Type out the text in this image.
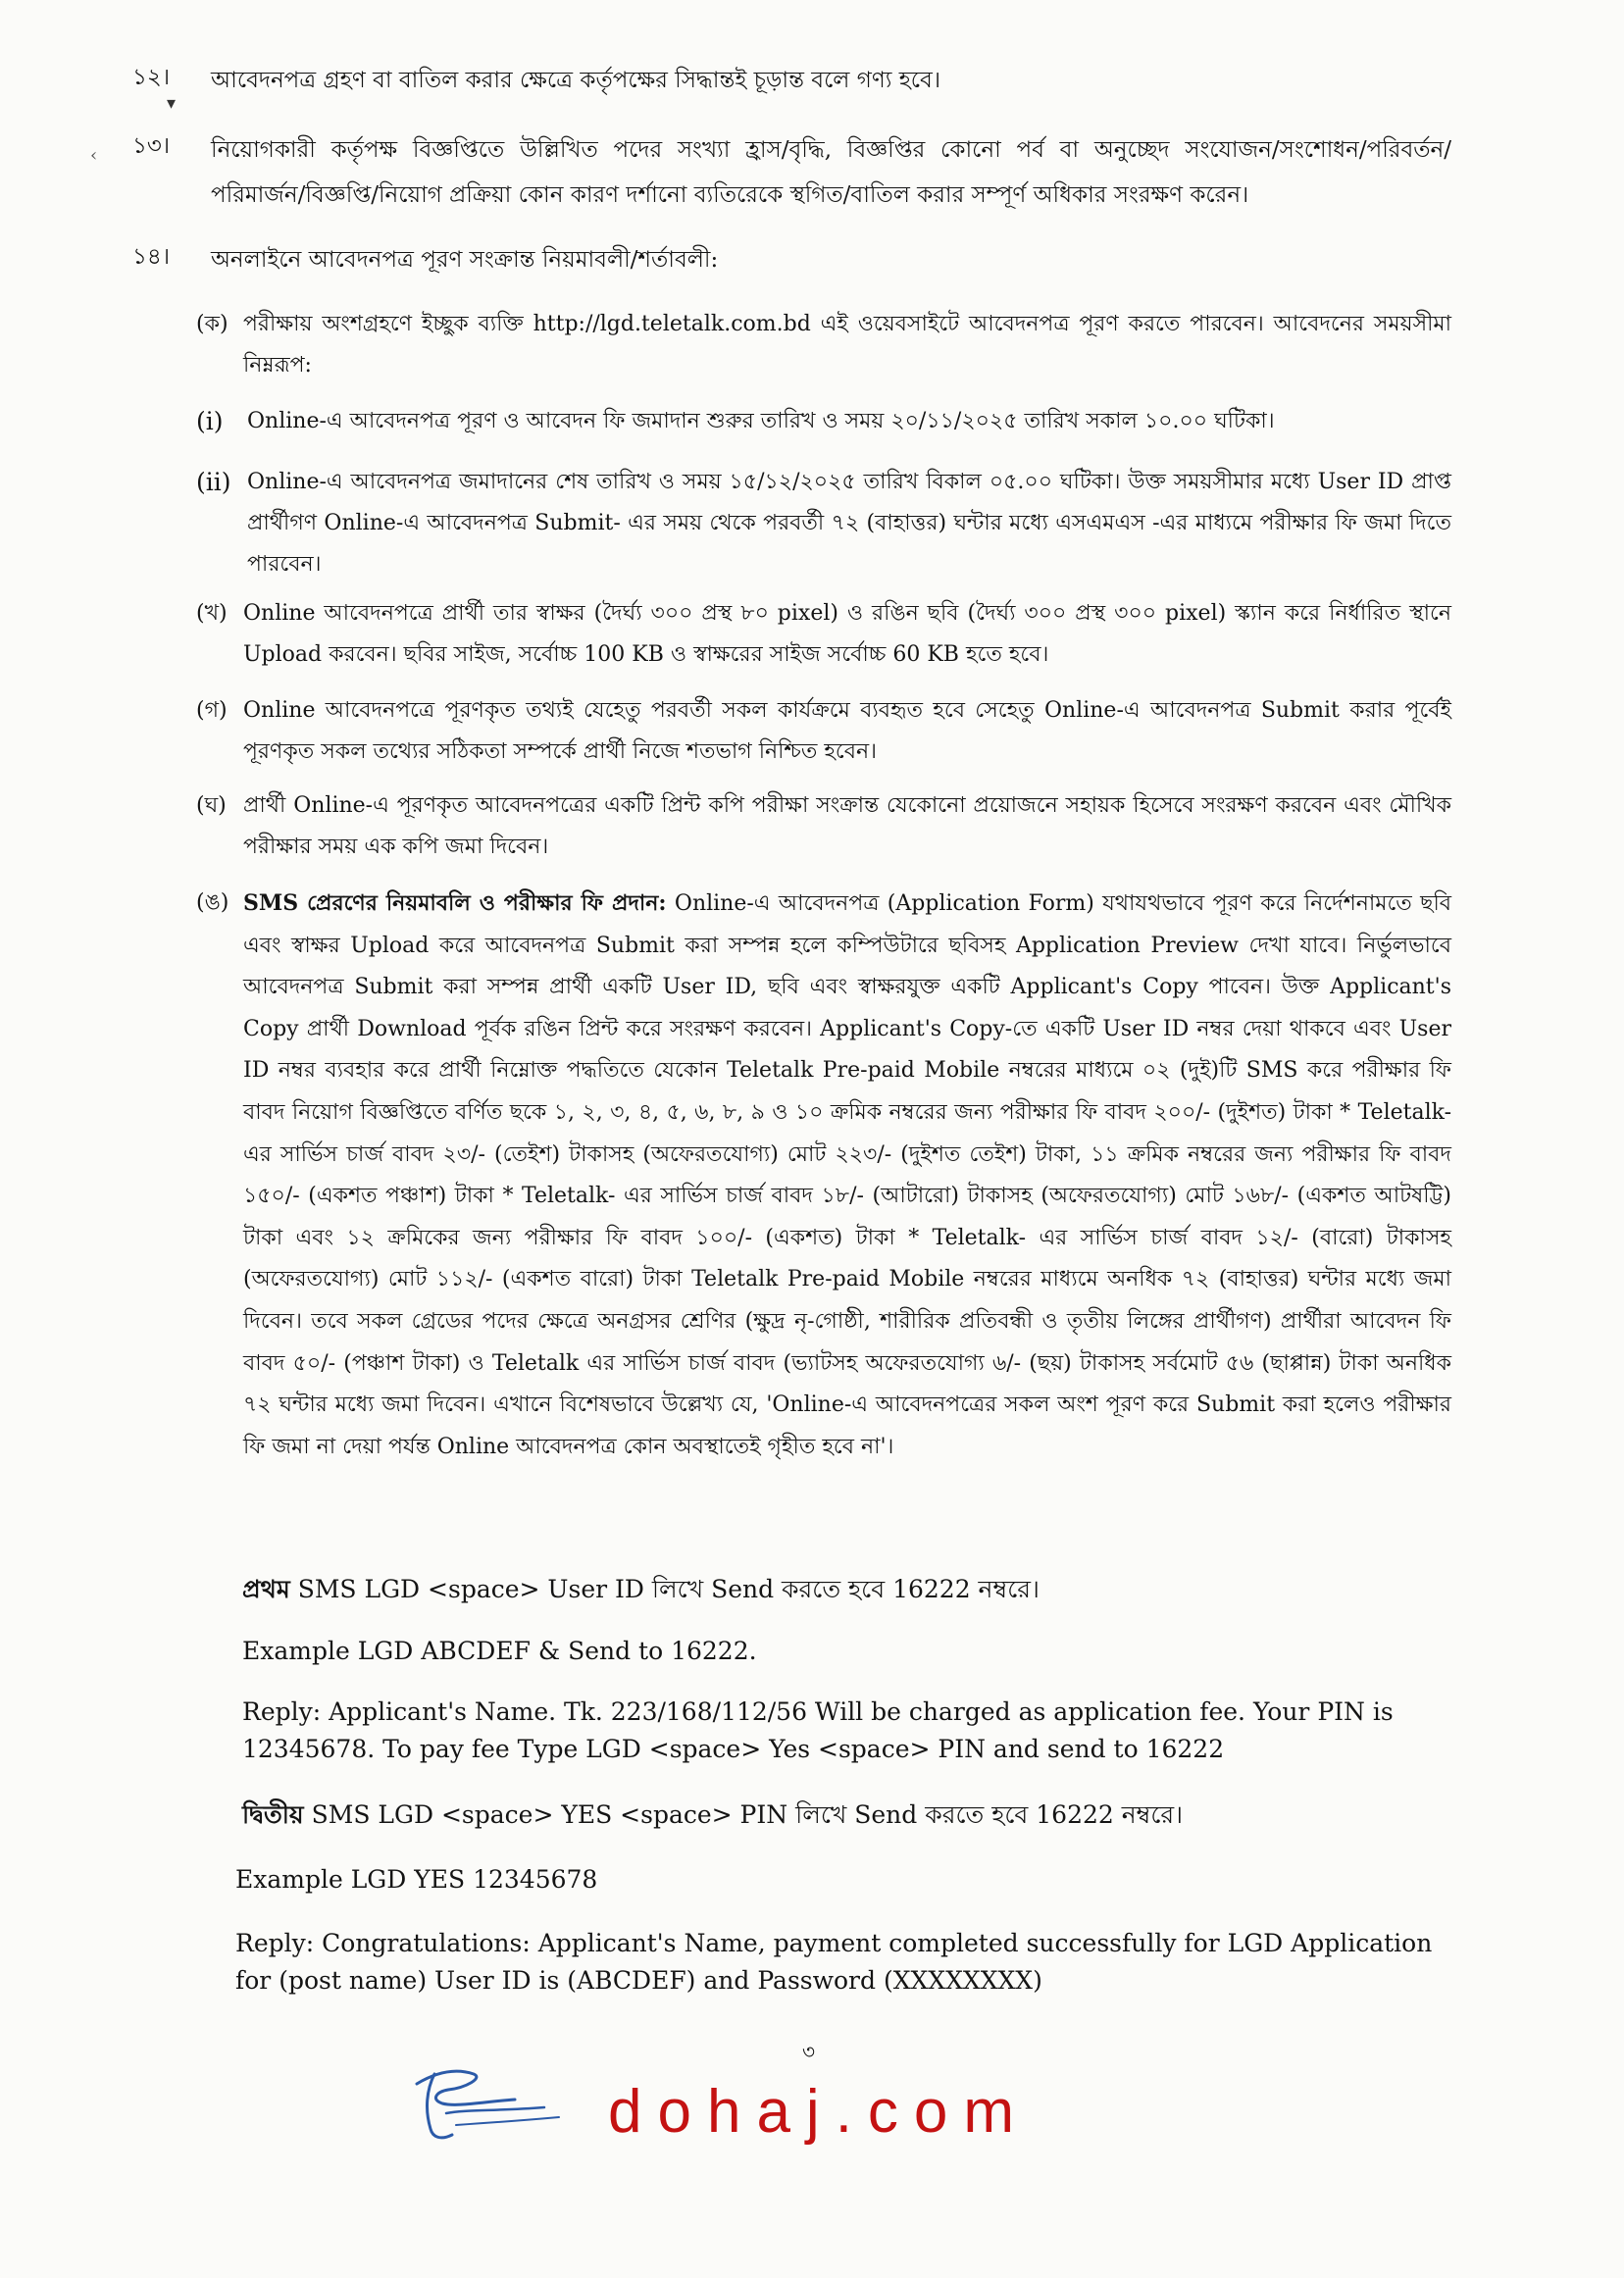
১২। আবেদনপত্র গ্রহণ বা বাতিল করার ক্ষেত্রে কর্তৃপক্ষের সিদ্ধান্তই চূড়ান্ত বলে গণ্য হবে।
▾
‹ ১৩। নিয়োগকারী কর্তৃপক্ষ বিজ্ঞপ্তিতে উল্লিখিত পদের সংখ্যা হ্রাস/বৃদ্ধি, বিজ্ঞপ্তির কোনো পর্ব বা অনুচ্ছেদ সংযোজন/সংশোধন/পরিবর্তন/ পরিমার্জন/বিজ্ঞপ্তি/নিয়োগ প্রক্রিয়া কোন কারণ দর্শানো ব্যতিরেকে স্থগিত/বাতিল করার সম্পূর্ণ অধিকার সংরক্ষণ করেন।
১৪। অনলাইনে আবেদনপত্র পূরণ সংক্রান্ত নিয়মাবলী/শর্তাবলী:
(ক) পরীক্ষায় অংশগ্রহণে ইচ্ছুক ব্যক্তি http://lgd.teletalk.com.bd এই ওয়েবসাইটে আবেদনপত্র পূরণ করতে পারবেন। আবেদনের সময়সীমা নিম্নরূপ:
(i) Online-এ আবেদনপত্র পূরণ ও আবেদন ফি জমাদান শুরুর তারিখ ও সময় ২০/১১/২০২৫ তারিখ সকাল ১০.০০ ঘটিকা।
(ii) Online-এ আবেদনপত্র জমাদানের শেষ তারিখ ও সময় ১৫/১২/২০২৫ তারিখ বিকাল ০৫.০০ ঘটিকা। উক্ত সময়সীমার মধ্যে User ID প্রাপ্ত প্রার্থীগণ Online-এ আবেদনপত্র Submit- এর সময় থেকে পরবর্তী ৭২ (বাহাত্তর) ঘন্টার মধ্যে এসএমএস -এর মাধ্যমে পরীক্ষার ফি জমা দিতে পারবেন।
(খ) Online আবেদনপত্রে প্রার্থী তার স্বাক্ষর (দৈর্ঘ্য ৩০০ প্রস্থ ৮০ pixel) ও রঙিন ছবি (দৈর্ঘ্য ৩০০ প্রস্থ ৩০০ pixel) স্ক্যান করে নির্ধারিত স্থানে Upload করবেন। ছবির সাইজ, সর্বোচ্চ 100 KB ও স্বাক্ষরের সাইজ সর্বোচ্চ 60 KB হতে হবে।
(গ) Online আবেদনপত্রে পূরণকৃত তথ্যই যেহেতু পরবর্তী সকল কার্যক্রমে ব্যবহৃত হবে সেহেতু Online-এ আবেদনপত্র Submit করার পূর্বেই পূরণকৃত সকল তথ্যের সঠিকতা সম্পর্কে প্রার্থী নিজে শতভাগ নিশ্চিত হবেন।
(ঘ) প্রার্থী Online-এ পূরণকৃত আবেদনপত্রের একটি প্রিন্ট কপি পরীক্ষা সংক্রান্ত যেকোনো প্রয়োজনে সহায়ক হিসেবে সংরক্ষণ করবেন এবং মৌখিক পরীক্ষার সময় এক কপি জমা দিবেন।
(ঙ) SMS প্রেরণের নিয়মাবলি ও পরীক্ষার ফি প্রদান: Online-এ আবেদনপত্র (Application Form) যথাযথভাবে পূরণ করে নির্দেশনামতে ছবি এবং স্বাক্ষর Upload করে আবেদনপত্র Submit করা সম্পন্ন হলে কম্পিউটারে ছবিসহ Application Preview দেখা যাবে। নির্ভুলভাবে আবেদনপত্র Submit করা সম্পন্ন প্রার্থী একটি User ID, ছবি এবং স্বাক্ষরযুক্ত একটি Applicant's Copy পাবেন। উক্ত Applicant's Copy প্রার্থী Download পূর্বক রঙিন প্রিন্ট করে সংরক্ষণ করবেন। Applicant's Copy-তে একটি User ID নম্বর দেয়া থাকবে এবং User ID নম্বর ব্যবহার করে প্রার্থী নিম্নোক্ত পদ্ধতিতে যেকোন Teletalk Pre-paid Mobile নম্বরের মাধ্যমে ০২ (দুই)টি SMS করে পরীক্ষার ফি বাবদ নিয়োগ বিজ্ঞপ্তিতে বর্ণিত ছকে ১, ২, ৩, ৪, ৫, ৬, ৮, ৯ ও ১০ ক্রমিক নম্বরের জন্য পরীক্ষার ফি বাবদ ২০০/- (দুইশত) টাকা * Teletalk- এর সার্ভিস চার্জ বাবদ ২৩/- (তেইশ) টাকাসহ (অফেরতযোগ্য) মোট ২২৩/- (দুইশত তেইশ) টাকা, ১১ ক্রমিক নম্বরের জন্য পরীক্ষার ফি বাবদ ১৫০/- (একশত পঞ্চাশ) টাকা * Teletalk- এর সার্ভিস চার্জ বাবদ ১৮/- (আটারো) টাকাসহ (অফেরতযোগ্য) মোট ১৬৮/- (একশত আটষট্টি) টাকা এবং ১২ ক্রমিকের জন্য পরীক্ষার ফি বাবদ ১০০/- (একশত) টাকা * Teletalk- এর সার্ভিস চার্জ বাবদ ১২/- (বারো) টাকাসহ (অফেরতযোগ্য) মোট ১১২/- (একশত বারো) টাকা Teletalk Pre-paid Mobile নম্বরের মাধ্যমে অনধিক ৭২ (বাহাত্তর) ঘন্টার মধ্যে জমা দিবেন। তবে সকল গ্রেডের পদের ক্ষেত্রে অনগ্রসর শ্রেণির (ক্ষুদ্র নৃ-গোষ্ঠী, শারীরিক প্রতিবন্ধী ও তৃতীয় লিঙ্গের প্রার্থীগণ) প্রার্থীরা আবেদন ফি বাবদ ৫০/- (পঞ্চাশ টাকা) ও Teletalk এর সার্ভিস চার্জ বাবদ (ভ্যাটসহ অফেরতযোগ্য ৬/- (ছয়) টাকাসহ সর্বমোট ৫৬ (ছাপ্পান্ন) টাকা অনধিক ৭২ ঘন্টার মধ্যে জমা দিবেন। এখানে বিশেষভাবে উল্লেখ্য যে, 'Online-এ আবেদনপত্রের সকল অংশ পূরণ করে Submit করা হলেও পরীক্ষার ফি জমা না দেয়া পর্যন্ত Online আবেদনপত্র কোন অবস্থাতেই গৃহীত হবে না'।
প্রথম SMS LGD <space> User ID লিখে Send করতে হবে 16222 নম্বরে।
Example LGD ABCDEF & Send to 16222.
Reply: Applicant's Name. Tk. 223/168/112/56 Will be charged as application fee. Your PIN is 12345678. To pay fee Type LGD <space> Yes <space> PIN and send to 16222
দ্বিতীয় SMS LGD <space> YES <space> PIN লিখে Send করতে হবে 16222 নম্বরে।
Example LGD YES 12345678
Reply: Congratulations: Applicant's Name, payment completed successfully for LGD Application for (post name) User ID is (ABCDEF) and Password (XXXXXXXX)
৩
dohaj.com
